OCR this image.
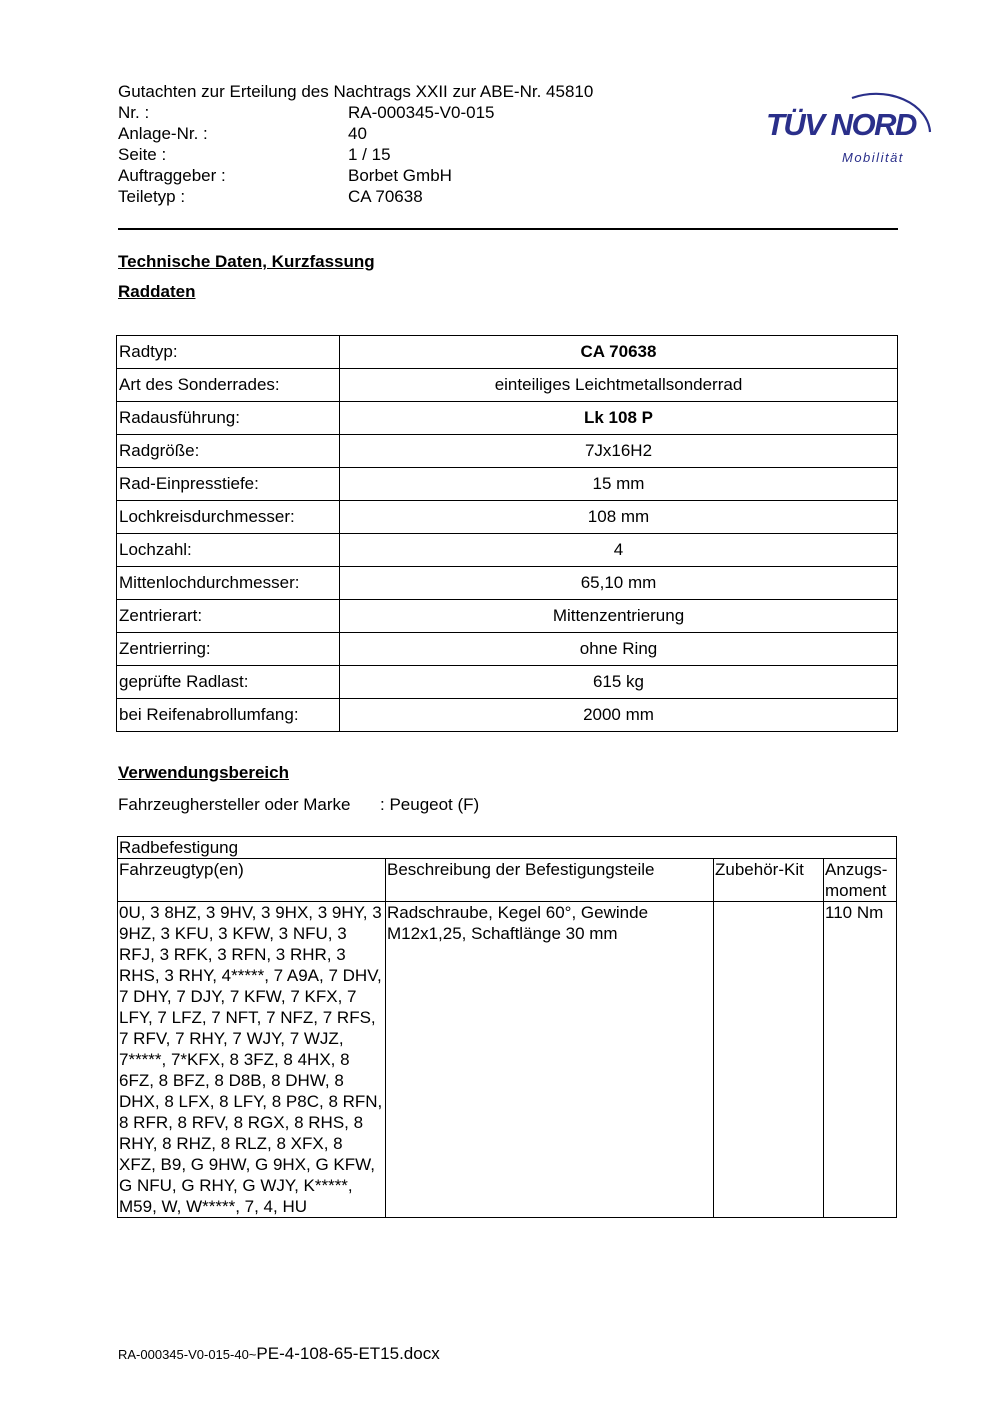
Gutachten zur Erteilung des Nachtrags XXII zur ABE-Nr. 45810
Nr. :	RA-000345-V0-015
Anlage-Nr. :	40
Seite :	1 / 15
Auftraggeber :	Borbet GmbH
Teiletyp :	CA 70638
TÜV NORD
Mobilität
Technische Daten, Kurzfassung
Raddaten
Radtyp:	CA 70638
Art des Sonderrades:	einteiliges Leichtmetallsonderrad
Radausführung:	Lk 108 P
Radgröße:	7Jx16H2
Rad-Einpresstiefe:	15 mm
Lochkreisdurchmesser:	108 mm
Lochzahl:	4
Mittenlochdurchmesser:	65,10 mm
Zentrierart:	Mittenzentrierung
Zentrierring:	ohne Ring
geprüfte Radlast:	615 kg
bei Reifenabrollumfang:	2000 mm
Verwendungsbereich
Fahrzeughersteller oder Marke	: Peugeot (F)
Radbefestigung			
Fahrzeugtyp(en)	Beschreibung der Befestigungsteile	Zubehör-Kit	Anzugs-moment
0U, 3 8HZ, 3 9HV, 3 9HX, 3 9HY, 3 9HZ, 3 KFU, 3 KFW, 3 NFU, 3 RFJ, 3 RFK, 3 RFN, 3 RHR, 3 RHS, 3 RHY, 4*****, 7 A9A, 7 DHV, 7 DHY, 7 DJY, 7 KFW, 7 KFX, 7 LFY, 7 LFZ, 7 NFT, 7 NFZ, 7 RFS, 7 RFV, 7 RHY, 7 WJY, 7 WJZ, 7*****, 7*KFX, 8 3FZ, 8 4HX, 8 6FZ, 8 BFZ, 8 D8B, 8 DHW, 8 DHX, 8 LFX, 8 LFY, 8 P8C, 8 RFN, 8 RFR, 8 RFV, 8 RGX, 8 RHS, 8 RHY, 8 RHZ, 8 RLZ, 8 XFX, 8 XFZ, B9, G 9HW, G 9HX, G KFW, G NFU, G RHY, G WJY, K*****, M59, W, W*****, 7, 4, HU	Radschraube, Kegel 60°, Gewinde M12x1,25, Schaftlänge 30 mm		110 Nm
RA-000345-V0-015-40~PE-4-108-65-ET15.docx
